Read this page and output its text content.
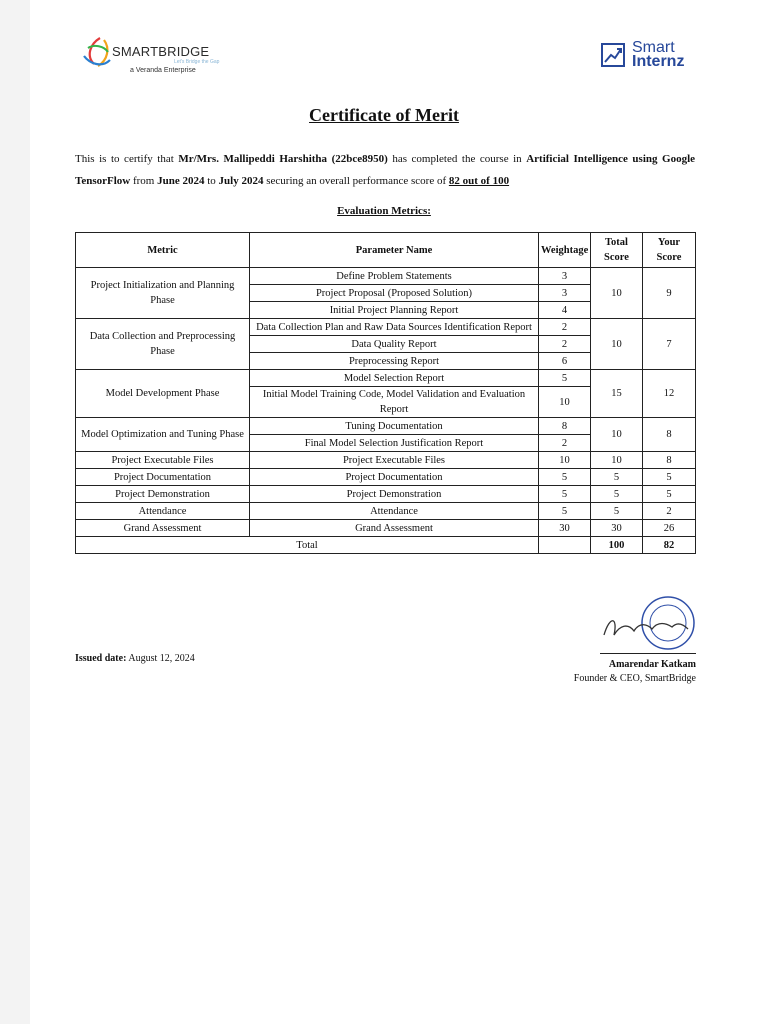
SMARTBRIDGE
Let's Bridge the Gap
a Veranda Enterprise
Smart
Internz
Certificate of Merit
This is to certify that Mr/Mrs. Mallipeddi Harshitha (22bce8950) has completed the course in Artificial Intelligence using Google TensorFlow from June 2024 to July 2024 securing an overall performance score of 82 out of 100
Evaluation Metrics:
Metric	Parameter Name	Weightage	Total Score	Your Score
Project Initialization and Planning Phase	Define Problem Statements	3	10	9
	Project Proposal (Proposed Solution)	3		
	Initial Project Planning Report	4		
Data Collection and Preprocessing Phase	Data Collection Plan and Raw Data Sources Identification Report	2	10	7
	Data Quality Report	2		
	Preprocessing Report	6		
Model Development Phase	Model Selection Report	5	15	12
	Initial Model Training Code, Model Validation and Evaluation Report	10		
Model Optimization and Tuning Phase	Tuning Documentation	8	10	8
	Final Model Selection Justification Report	2		
Project Executable Files	Project Executable Files	10	10	8
Project Documentation	Project Documentation	5	5	5
Project Demonstration	Project Demonstration	5	5	5
Attendance	Attendance	5	5	2
Grand Assessment	Grand Assessment	30	30	26
Total			100	82
Issued date: August 12, 2024
Amarendar Katkam
Founder & CEO, SmartBridge
